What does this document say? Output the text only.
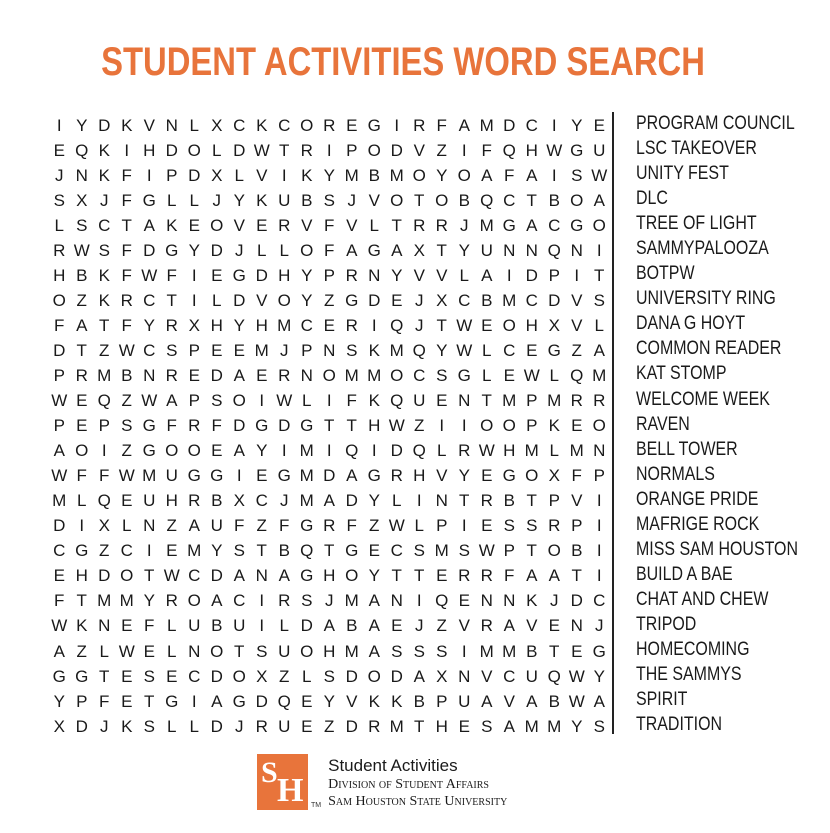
STUDENT ACTIVITIES WORD SEARCH
I Y D K V N L X C K C O R E G I R F A M D C I Y E
E Q K I H D O L D W T R I P O D V Z I F Q H W G U
J N K F I P D X L V I K Y M B M O Y O A F A I S W
S X J F G L L J Y K U B S J V O T O B Q C T B O A
L S C T A K E O V E R V F V L T R R J M G A C G O
R W S F D G Y D J L L O F A G A X T Y U N N Q N I
H B K F W F I E G D H Y P R N Y V V L A I D P I T
O Z K R C T I L D V O Y Z G D E J X C B M C D V S
F A T F Y R X H Y H M C E R I Q J T W E O H X V L
D T Z W C S P E E M J P N S K M Q Y W L C E G Z A
P R M B N R E D A E R N O M M O C S G L E W L Q M
W E Q Z W A P S O I W L I F K Q U E N T M P M R R
P E P S G F R F D G D G T T H W Z I	I O O P K E O
A O I Z G O O E A Y I M I Q I D Q L R W H M L M N
W F F W M U G G I E G M D A G R H V Y E G O X F P
M L Q E U H R B X C J M A D Y L I N T R B T P V I
D I X L N Z A U F Z F G R F Z W L P I E S S R P I
C G Z C I E M Y S T B Q T G E C S M S W P T O B I
E H D O T W C D A N A G H O Y T T E R R F A A T I
F T M M Y R O A C I R S J M A N I Q E N N K J D C
W K N E F L U B U I L D A B A E J Z V R A V E N J
A Z L W E L N O T S U O H M A S S S I M M B T E G
G G T E S E C D O X Z L S D O D A X N V C U Q W Y
Y P F E T G I A G D Q E Y V K K B P U A V A B W A
X D J K S L L D J R U E Z D R M T H E S A M M Y S
PROGRAM COUNCIL
LSC TAKEOVER
UNITY FEST
DLC
TREE OF LIGHT
SAMMYPALOOZA
BOTPW
UNIVERSITY RING
DANA G HOYT
COMMON READER
KAT STOMP
WELCOME WEEK
RAVEN
BELL TOWER
NORMALS
ORANGE PRIDE
MAFRIGE ROCK
MISS SAM HOUSTON
BUILD A BAE
CHAT AND CHEW
TRIPOD
HOMECOMING
THE SAMMYS
SPIRIT
TRADITION
S H TM
Student Activities
Division of Student Affairs
Sam Houston State University
